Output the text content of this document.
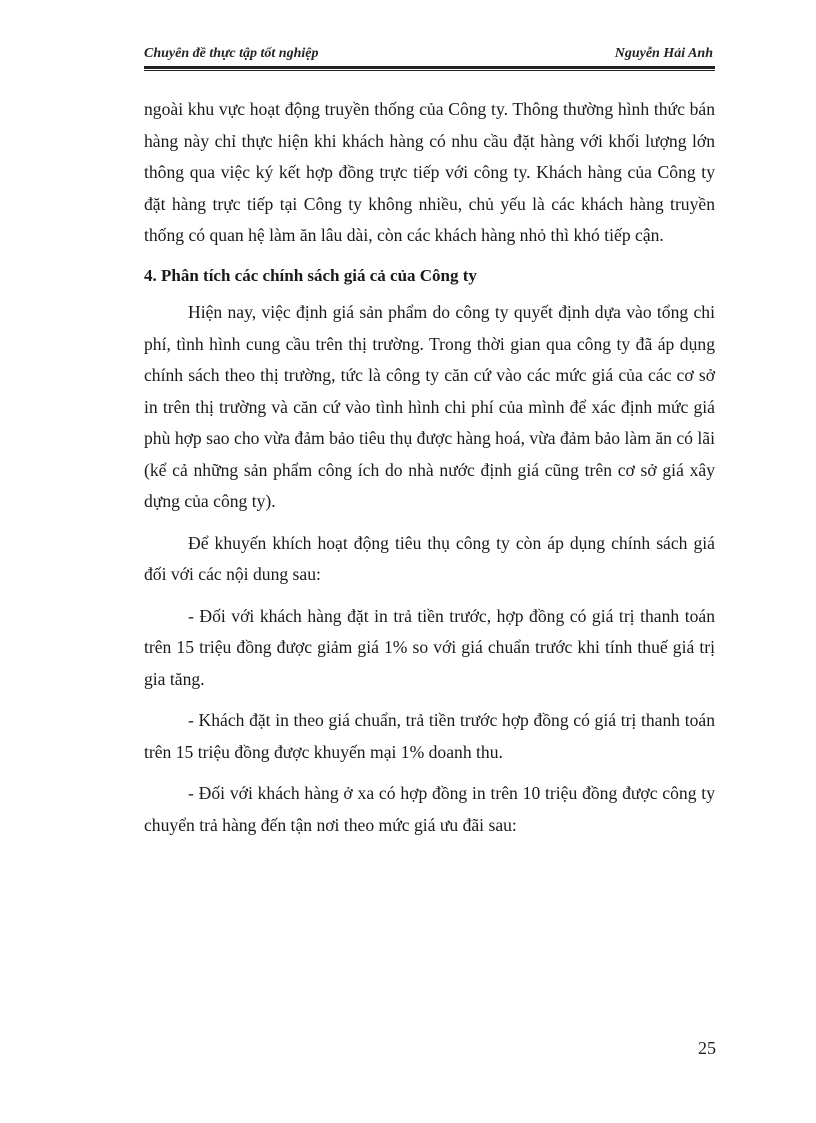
Chuyên đề thực tập tốt nghiệp	Nguyễn Hải Anh

ngoài khu vực hoạt động truyền thống của Công ty. Thông thường hình thức bán hàng này chỉ thực hiện khi khách hàng có nhu cầu đặt hàng với khối lượng lớn thông qua việc ký kết hợp đồng trực tiếp với công ty. Khách hàng của Công ty đặt hàng trực tiếp tại Công ty không nhiều, chủ yếu là các khách hàng truyền thống có quan hệ làm ăn lâu dài, còn các khách hàng nhỏ thì khó tiếp cận.

4. Phân tích các chính sách giá cả của Công ty

Hiện nay, việc định giá sản phẩm do công ty quyết định dựa vào tổng chi phí, tình hình cung cầu trên thị trường. Trong thời gian qua công ty đã áp dụng chính sách theo thị trường, tức là công ty căn cứ vào các mức giá của các cơ sở in trên thị trường và căn cứ vào tình hình chi phí của mình để xác định mức giá phù hợp sao cho vừa đảm bảo tiêu thụ được hàng hoá, vừa đảm bảo làm ăn có lãi (kể cả những sản phẩm công ích do nhà nước định giá cũng trên cơ sở giá xây dựng của công ty).

Để khuyến khích hoạt động tiêu thụ công ty còn áp dụng chính sách giá đối với các nội dung sau:

- Đối với khách hàng đặt in trả tiền trước, hợp đồng có giá trị thanh toán trên 15 triệu đồng được giảm giá 1% so với giá chuẩn trước khi tính thuế giá trị gia tăng.

- Khách đặt in theo giá chuẩn, trả tiền trước hợp đồng có giá trị thanh toán trên 15 triệu đồng được khuyến mại 1% doanh thu.

- Đối với khách hàng ở xa có hợp đồng in trên 10 triệu đồng được công ty chuyển trả hàng đến tận nơi theo mức giá ưu đãi sau:

25
